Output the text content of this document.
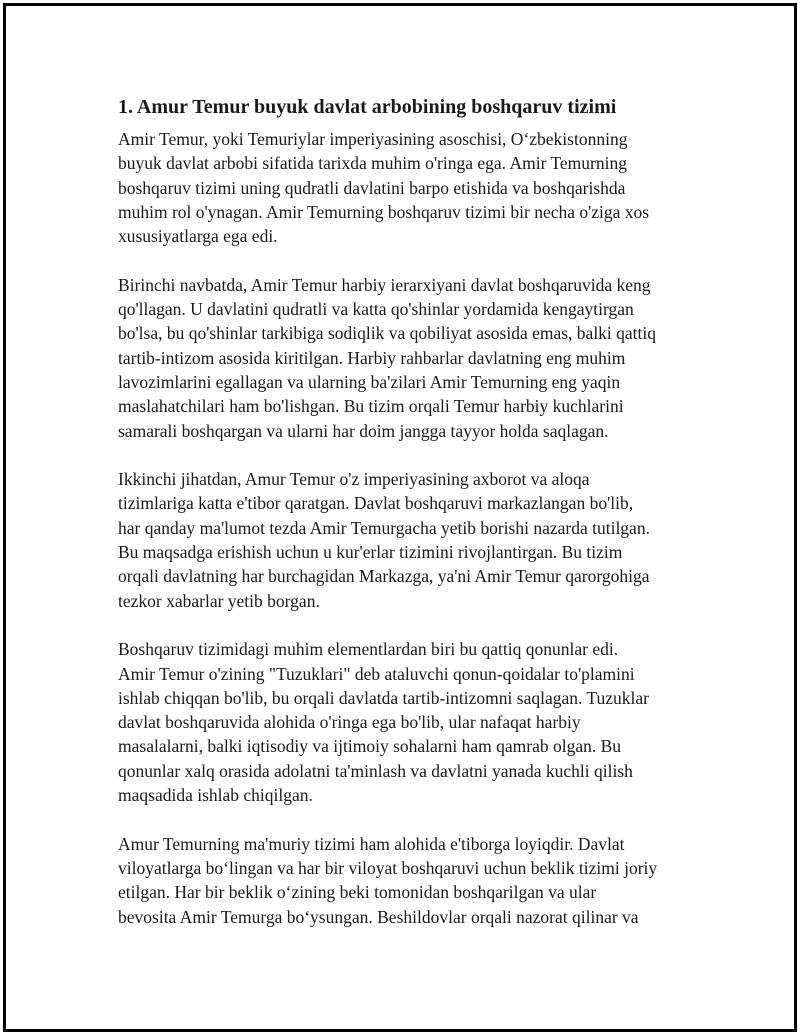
1. Amur Temur buyuk davlat arbobining boshqaruv tizimi

Amir Temur, yoki Temuriylar imperiyasining asoschisi, O‘zbekistonning
buyuk davlat arbobi sifatida tarixda muhim o'ringa ega. Amir Temurning
boshqaruv tizimi uning qudratli davlatini barpo etishida va boshqarishda
muhim rol o'ynagan. Amir Temurning boshqaruv tizimi bir necha o'ziga xos
xususiyatlarga ega edi.

Birinchi navbatda, Amir Temur harbiy ierarxiyani davlat boshqaruvida keng
qo'llagan. U davlatini qudratli va katta qo'shinlar yordamida kengaytirgan
bo'lsa, bu qo'shinlar tarkibiga sodiqlik va qobiliyat asosida emas, balki qattiq
tartib-intizom asosida kiritilgan. Harbiy rahbarlar davlatning eng muhim
lavozimlarini egallagan va ularning ba'zilari Amir Temurning eng yaqin
maslahatchilari ham bo'lishgan. Bu tizim orqali Temur harbiy kuchlarini
samarali boshqargan va ularni har doim jangga tayyor holda saqlagan.

Ikkinchi jihatdan, Amur Temur o'z imperiyasining axborot va aloqa
tizimlariga katta e'tibor qaratgan. Davlat boshqaruvi markazlangan bo'lib,
har qanday ma'lumot tezda Amir Temurgacha yetib borishi nazarda tutilgan.
Bu maqsadga erishish uchun u kur'erlar tizimini rivojlantirgan. Bu tizim
orqali davlatning har burchagidan Markazga, ya'ni Amir Temur qarorgohiga
tezkor xabarlar yetib borgan.

Boshqaruv tizimidagi muhim elementlardan biri bu qattiq qonunlar edi.
Amir Temur o'zining "Tuzuklari" deb ataluvchi qonun-qoidalar to'plamini
ishlab chiqqan bo'lib, bu orqali davlatda tartib-intizomni saqlagan. Tuzuklar
davlat boshqaruvida alohida o'ringa ega bo'lib, ular nafaqat harbiy
masalalarni, balki iqtisodiy va ijtimoiy sohalarni ham qamrab olgan. Bu
qonunlar xalq orasida adolatni ta'minlash va davlatni yanada kuchli qilish
maqsadida ishlab chiqilgan.

Amur Temurning ma'muriy tizimi ham alohida e'tiborga loyiqdir. Davlat
viloyatlarga bo‘lingan va har bir viloyat boshqaruvi uchun beklik tizimi joriy
etilgan. Har bir beklik o‘zining beki tomonidan boshqarilgan va ular
bevosita Amir Temurga bo‘ysungan. Beshildovlar orqali nazorat qilinar va
